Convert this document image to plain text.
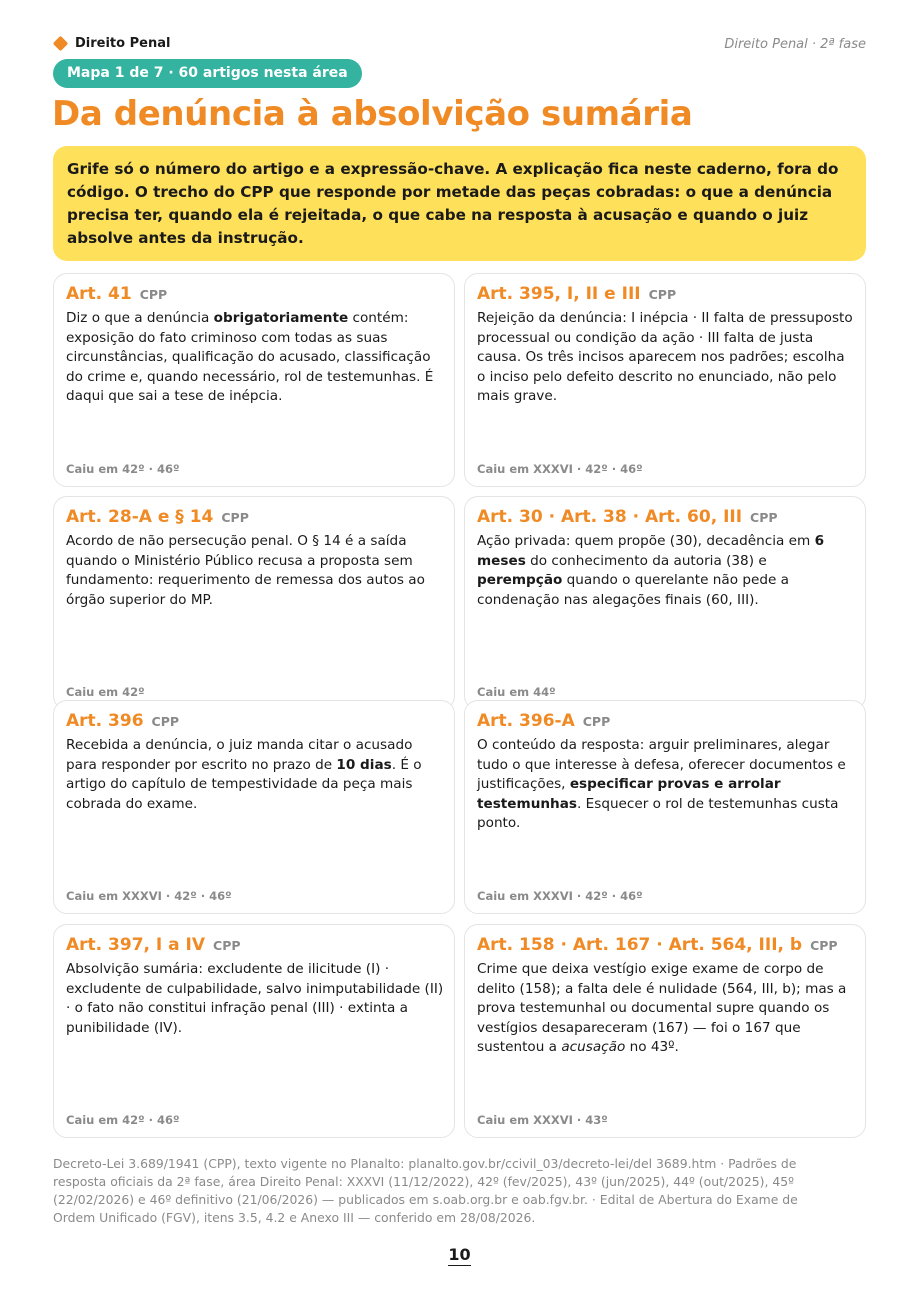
Direito Penal	Direito Penal · 2ª fase
Mapa 1 de 7 · 60 artigos nesta área
Da denúncia à absolvição sumária
Grife só o número do artigo e a expressão-chave. A explicação fica neste caderno, fora do código. O trecho do CPP que responde por metade das peças cobradas: o que a denúncia precisa ter, quando ela é rejeitada, o que cabe na resposta à acusação e quando o juiz absolve antes da instrução.
Art. 41 CPP
Diz o que a denúncia obrigatoriamente contém: exposição do fato criminoso com todas as suas circunstâncias, qualificação do acusado, classificação do crime e, quando necessário, rol de testemunhas. É daqui que sai a tese de inépcia.
Caiu em 42º · 46º
Art. 395, I, II e III CPP
Rejeição da denúncia: I inépcia · II falta de pressuposto processual ou condição da ação · III falta de justa causa. Os três incisos aparecem nos padrões; escolha o inciso pelo defeito descrito no enunciado, não pelo mais grave.
Caiu em XXXVI · 42º · 46º
Art. 28-A e § 14 CPP
Acordo de não persecução penal. O § 14 é a saída quando o Ministério Público recusa a proposta sem fundamento: requerimento de remessa dos autos ao órgão superior do MP.
Caiu em 42º
Art. 30 · Art. 38 · Art. 60, III CPP
Ação privada: quem propõe (30), decadência em 6 meses do conhecimento da autoria (38) e perempção quando o querelante não pede a condenação nas alegações finais (60, III).
Caiu em 44º
Art. 396 CPP
Recebida a denúncia, o juiz manda citar o acusado para responder por escrito no prazo de 10 dias. É o artigo do capítulo de tempestividade da peça mais cobrada do exame.
Caiu em XXXVI · 42º · 46º
Art. 396-A CPP
O conteúdo da resposta: arguir preliminares, alegar tudo o que interesse à defesa, oferecer documentos e justificações, especificar provas e arrolar testemunhas. Esquecer o rol de testemunhas custa ponto.
Caiu em XXXVI · 42º · 46º
Art. 397, I a IV CPP
Absolvição sumária: excludente de ilicitude (I) · excludente de culpabilidade, salvo inimputabilidade (II) · o fato não constitui infração penal (III) · extinta a punibilidade (IV).
Caiu em 42º · 46º
Art. 158 · Art. 167 · Art. 564, III, b CPP
Crime que deixa vestígio exige exame de corpo de delito (158); a falta dele é nulidade (564, III, b); mas a prova testemunhal ou documental supre quando os vestígios desapareceram (167) — foi o 167 que sustentou a acusação no 43º.
Caiu em XXXVI · 43º
Decreto-Lei 3.689/1941 (CPP), texto vigente no Planalto: planalto.gov.br/ccivil_03/decreto-lei/del 3689.htm · Padrões de resposta oficiais da 2ª fase, área Direito Penal: XXXVI (11/12/2022), 42º (fev/2025), 43º (jun/2025), 44º (out/2025), 45º (22/02/2026) e 46º definitivo (21/06/2026) — publicados em s.oab.org.br e oab.fgv.br. · Edital de Abertura do Exame de Ordem Unificado (FGV), itens 3.5, 4.2 e Anexo III — conferido em 28/08/2026.
10
